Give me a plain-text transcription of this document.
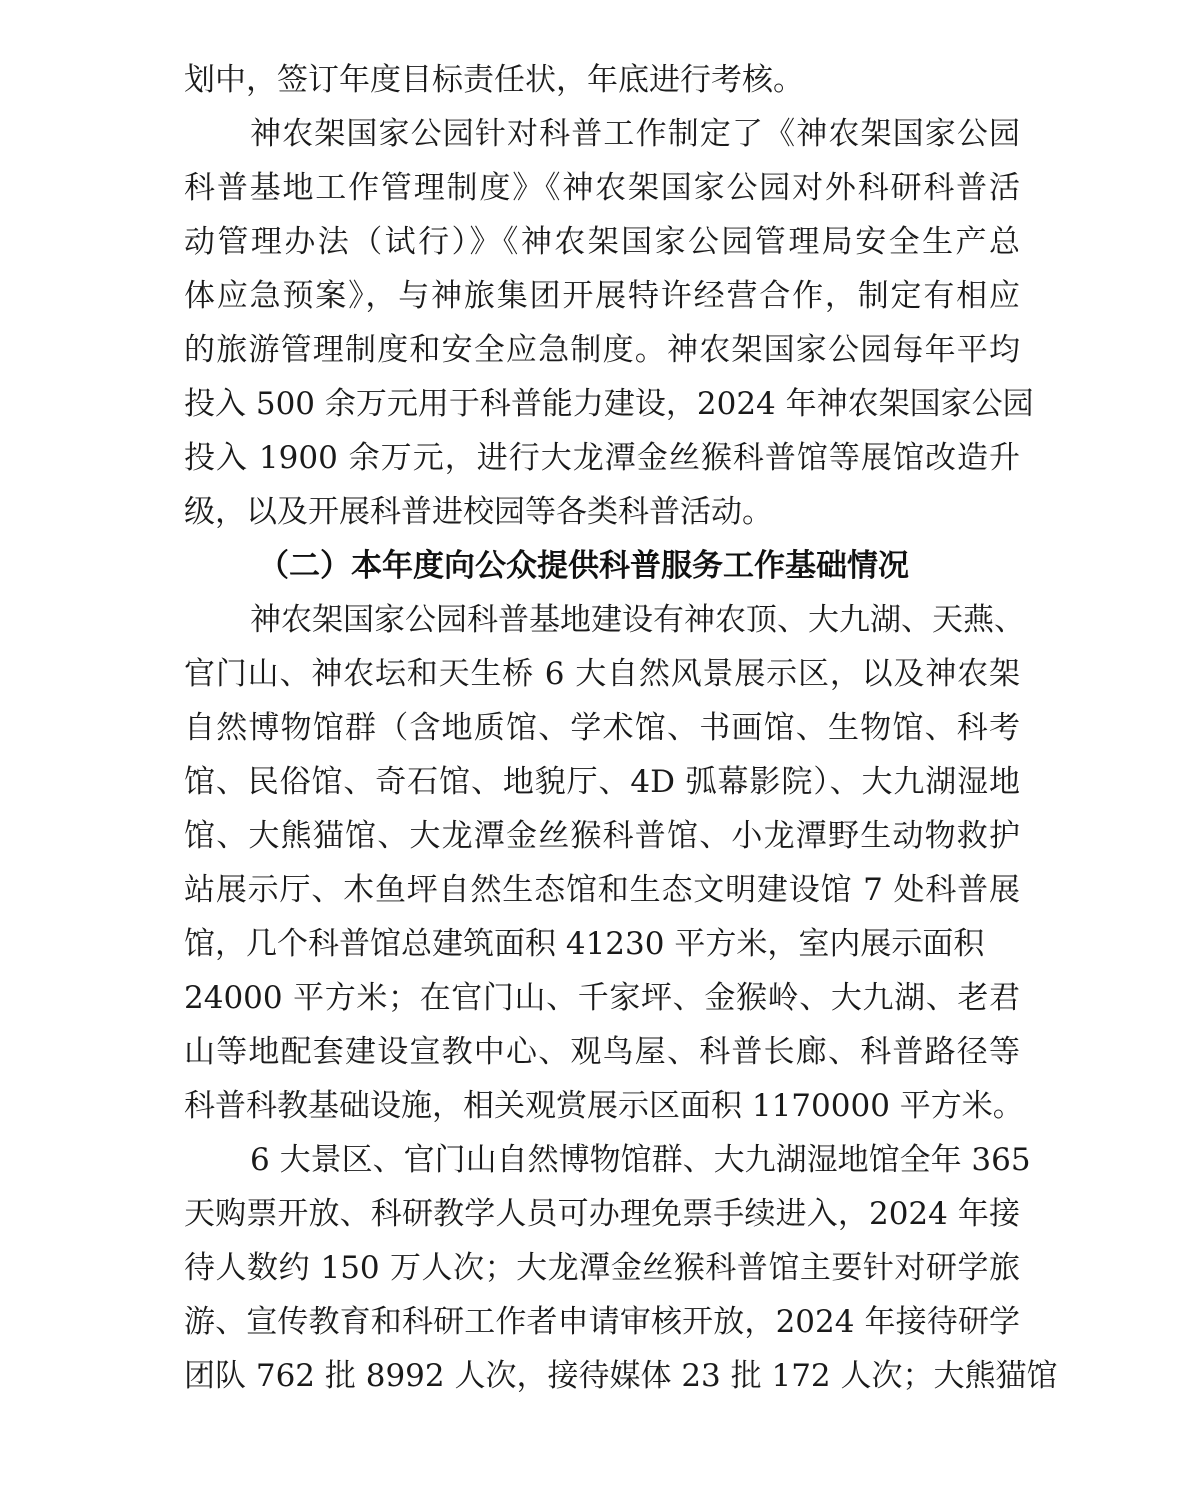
划中，签订年度目标责任状，年底进行考核。
神农架国家公园针对科普工作制定了《神农架国家公园
科普基地工作管理制度》《神农架国家公园对外科研科普活
动管理办法（试行）》《神农架国家公园管理局安全生产总
体应急预案》，与神旅集团开展特许经营合作，制定有相应
的旅游管理制度和安全应急制度。神农架国家公园每年平均
投入 500 余万元用于科普能力建设，2024 年神农架国家公园
投入 1900 余万元，进行大龙潭金丝猴科普馆等展馆改造升
级，以及开展科普进校园等各类科普活动。
（二）本年度向公众提供科普服务工作基础情况
神农架国家公园科普基地建设有神农顶、大九湖、天燕、
官门山、神农坛和天生桥 6 大自然风景展示区，以及神农架
自然博物馆群（含地质馆、学术馆、书画馆、生物馆、科考
馆、民俗馆、奇石馆、地貌厅、4D 弧幕影院）、大九湖湿地
馆、大熊猫馆、大龙潭金丝猴科普馆、小龙潭野生动物救护
站展示厅、木鱼坪自然生态馆和生态文明建设馆 7 处科普展
馆，几个科普馆总建筑面积 41230 平方米，室内展示面积
24000 平方米；在官门山、千家坪、金猴岭、大九湖、老君
山等地配套建设宣教中心、观鸟屋、科普长廊、科普路径等
科普科教基础设施，相关观赏展示区面积 1170000 平方米。
6 大景区、官门山自然博物馆群、大九湖湿地馆全年 365
天购票开放、科研教学人员可办理免票手续进入，2024 年接
待人数约 150 万人次；大龙潭金丝猴科普馆主要针对研学旅
游、宣传教育和科研工作者申请审核开放，2024 年接待研学
团队 762 批 8992 人次，接待媒体 23 批 172 人次；大熊猫馆
